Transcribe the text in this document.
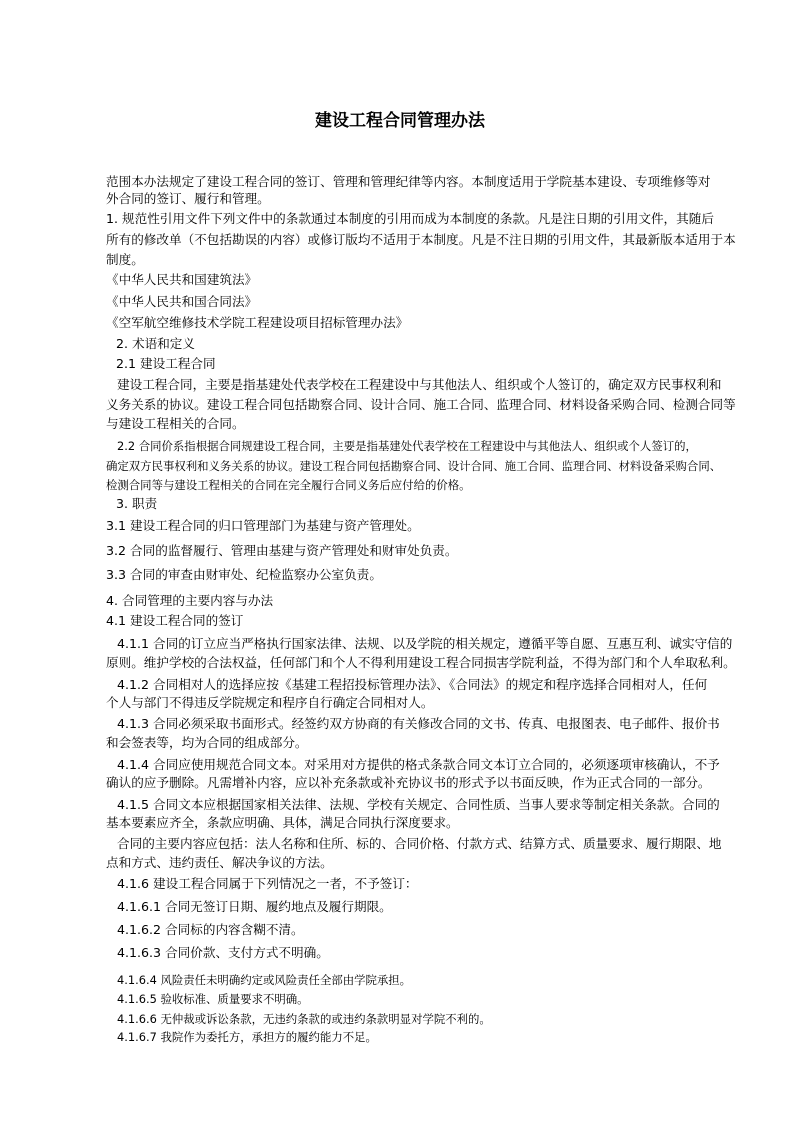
建设工程合同管理办法
范围本办法规定了建设工程合同的签订、管理和管理纪律等内容。本制度适用于学院基本建设、专项维修等对
外合同的签订、履行和管理。
1. 规范性引用文件下列文件中的条款通过本制度的引用而成为本制度的条款。凡是注日期的引用文件，其随后
所有的修改单（不包括勘误的内容）或修订版均不适用于本制度。凡是不注日期的引用文件，其最新版本适用于本
制度。
《中华人民共和国建筑法》
《中华人民共和国合同法》
《空军航空维修技术学院工程建设项目招标管理办法》
2. 术语和定义
2.1 建设工程合同
建设工程合同，主要是指基建处代表学校在工程建设中与其他法人、组织或个人签订的，确定双方民事权利和
义务关系的协议。建设工程合同包括勘察合同、设计合同、施工合同、监理合同、材料设备采购合同、检测合同等
与建设工程相关的合同。
2.2 合同价系指根据合同规建设工程合同，主要是指基建处代表学校在工程建设中与其他法人、组织或个人签订的，
确定双方民事权利和义务关系的协议。建设工程合同包括勘察合同、设计合同、施工合同、监理合同、材料设备采购合同、
检测合同等与建设工程相关的合同在完全履行合同义务后应付给的价格。
3. 职责
3.1 建设工程合同的归口管理部门为基建与资产管理处。
3.2 合同的监督履行、管理由基建与资产管理处和财审处负责。
3.3 合同的审查由财审处、纪检监察办公室负责。
4. 合同管理的主要内容与办法
4.1 建设工程合同的签订
4.1.1 合同的订立应当严格执行国家法律、法规、以及学院的相关规定，遵循平等自愿、互惠互利、诚实守信的
原则。维护学校的合法权益，任何部门和个人不得利用建设工程合同损害学院利益，不得为部门和个人牟取私利。
4.1.2 合同相对人的选择应按《基建工程招投标管理办法》、《合同法》的规定和程序选择合同相对人，任何
个人与部门不得违反学院规定和程序自行确定合同相对人。
4.1.3 合同必须采取书面形式。经签约双方协商的有关修改合同的文书、传真、电报图表、电子邮件、报价书
和会签表等，均为合同的组成部分。
4.1.4 合同应使用规范合同文本。对采用对方提供的格式条款合同文本订立合同的，必须逐项审核确认，不予
确认的应予删除。凡需增补内容，应以补充条款或补充协议书的形式予以书面反映，作为正式合同的一部分。
4.1.5 合同文本应根据国家相关法律、法规、学校有关规定、合同性质、当事人要求等制定相关条款。合同的
基本要素应齐全，条款应明确、具体，满足合同执行深度要求。
合同的主要内容应包括：法人名称和住所、标的、合同价格、付款方式、结算方式、质量要求、履行期限、地
点和方式、违约责任、解决争议的方法。
4.1.6 建设工程合同属于下列情况之一者，不予签订：
4.1.6.1 合同无签订日期、履约地点及履行期限。
4.1.6.2 合同标的内容含糊不清。
4.1.6.3 合同价款、支付方式不明确。
4.1.6.4 风险责任未明确约定或风险责任全部由学院承担。
4.1.6.5 验收标准、质量要求不明确。
4.1.6.6 无仲裁或诉讼条款，无违约条款的或违约条款明显对学院不利的。
4.1.6.7 我院作为委托方，承担方的履约能力不足。
